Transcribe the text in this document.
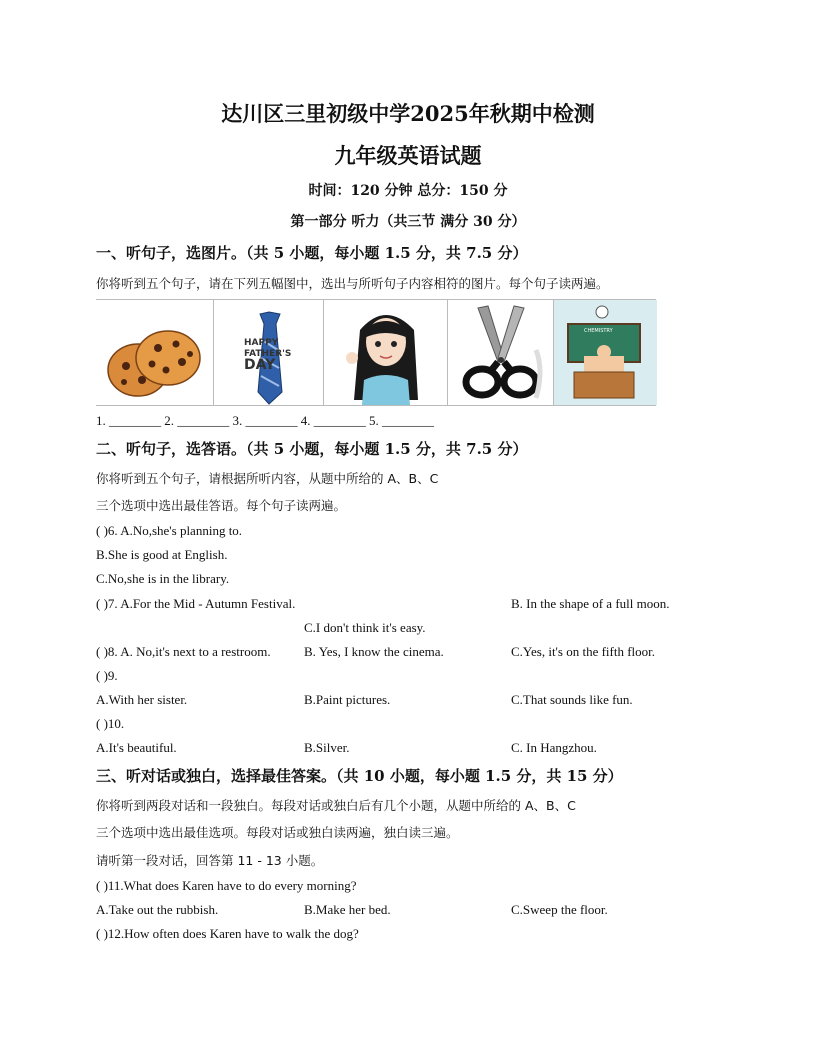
达川区三里初级中学2025年秋期中检测
九年级英语试题
时间：120 分钟 总分：150 分
第一部分 听力（共三节 满分 30 分）
一、听句子，选图片。（共 5 小题，每小题 1.5 分，共 7.5 分）
你将听到五个句子，请在下列五幅图中，选出与所听句子内容相符的图片。每个句子读两遍。
HAPPY
FATHER'S
DAY
CHEMISTRY
1. ________ 2. ________ 3. ________ 4. ________ 5. ________
二、听句子，选答语。（共 5 小题，每小题 1.5 分，共 7.5 分）
你将听到五个句子，请根据所听内容，从题中所给的 A、B、C
三个选项中选出最佳答语。每个句子读两遍。
( )6. A.No,she's planning to.
B.She is good at English.
C.No,she is in the library.
( )7. A.For the Mid - Autumn Festival.	B. In the shape of a full moon.
C.I don't think it's easy.
( )8. A. No,it's next to a restroom.	B. Yes, I know the cinema.	C.Yes, it's on the fifth floor.
( )9.
A.With her sister.	B.Paint pictures.	C.That sounds like fun.
( )10.
A.It's beautiful.	B.Silver.	C. In Hangzhou.
三、听对话或独白，选择最佳答案。（共 10 小题，每小题 1.5 分，共 15 分）
你将听到两段对话和一段独白。每段对话或独白后有几个小题，从题中所给的 A、B、C
三个选项中选出最佳选项。每段对话或独白读两遍，独白读三遍。
请听第一段对话，回答第 11 - 13 小题。
( )11.What does Karen have to do every morning?
A.Take out the rubbish.	B.Make her bed.	C.Sweep the floor.
( )12.How often does Karen have to walk the dog?
